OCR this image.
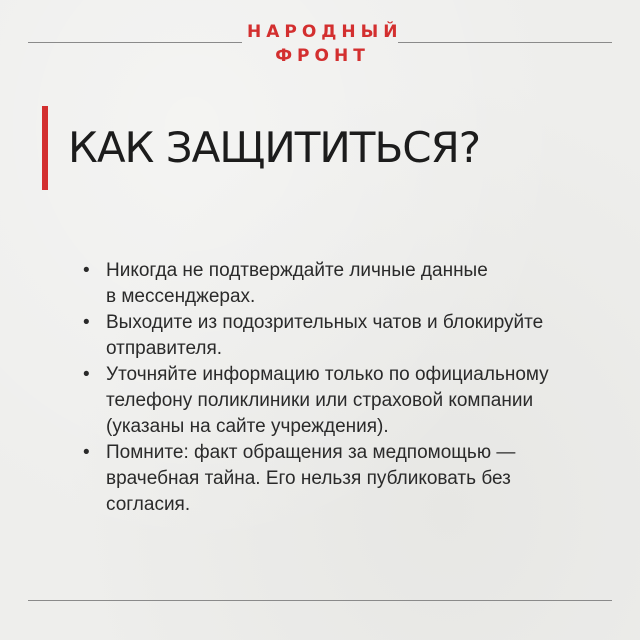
НАРОДНЫЙ
ФРОНТ
КАК ЗАЩИТИТЬСЯ?
• Никогда не подтверждайте личные данные
в мессенджерах.
• Выходите из подозрительных чатов и блокируйте
отправителя.
• Уточняйте информацию только по официальному
телефону поликлиники или страховой компании
(указаны на сайте учреждения).
• Помните: факт обращения за медпомощью —
врачебная тайна. Его нельзя публиковать без
согласия.
